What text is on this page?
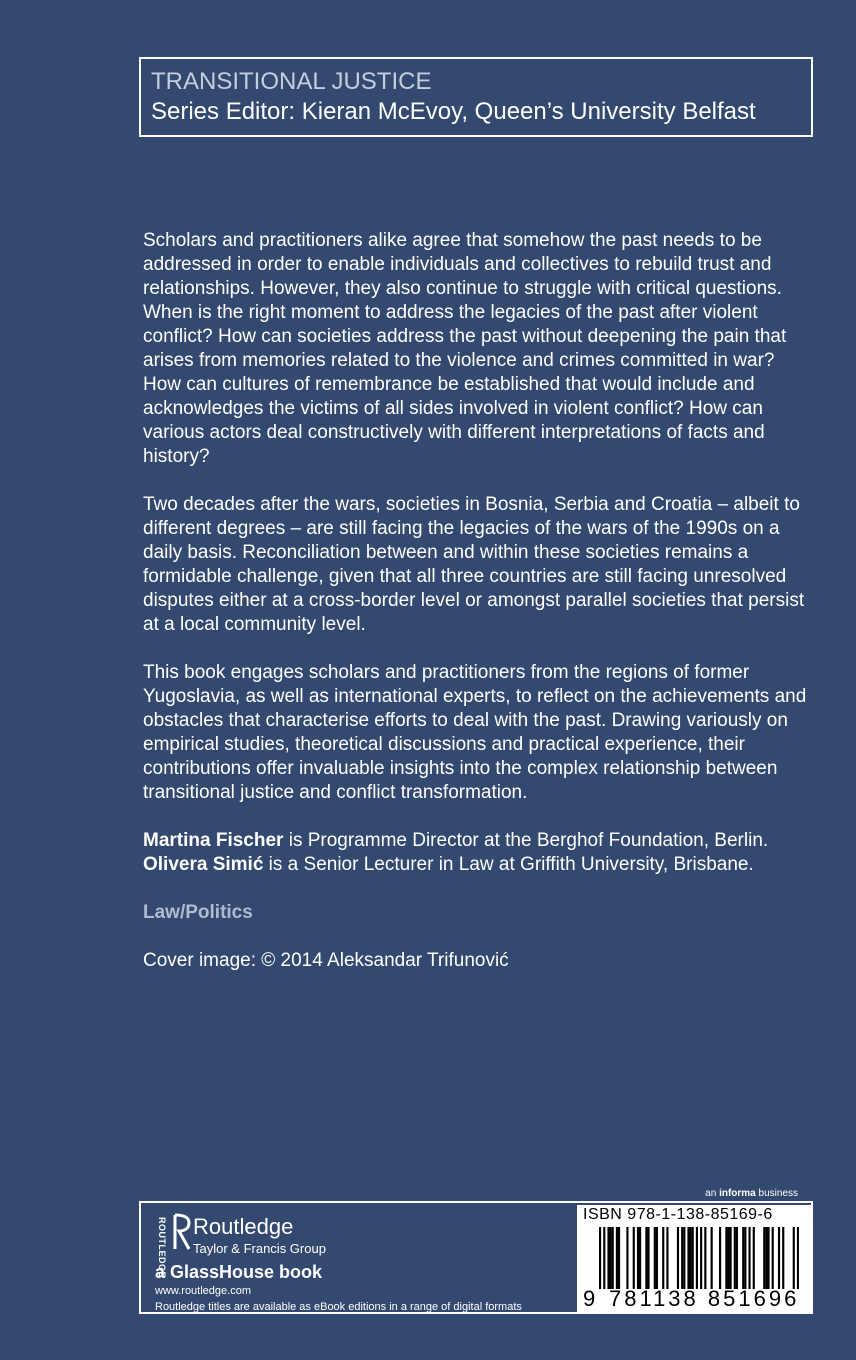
TRANSITIONAL JUSTICE
Series Editor: Kieran McEvoy, Queen’s University Belfast

Scholars and practitioners alike agree that somehow the past needs to be addressed in order to enable individuals and collectives to rebuild trust and relationships. However, they also continue to struggle with critical questions. When is the right moment to address the legacies of the past after violent conflict? How can societies address the past without deepening the pain that arises from memories related to the violence and crimes committed in war? How can cultures of remembrance be established that would include and acknowledges the victims of all sides involved in violent conflict? How can various actors deal constructively with different interpretations of facts and history?

Two decades after the wars, societies in Bosnia, Serbia and Croatia – albeit to different degrees – are still facing the legacies of the wars of the 1990s on a daily basis. Reconciliation between and within these societies remains a formidable challenge, given that all three countries are still facing unresolved disputes either at a cross-border level or amongst parallel societies that persist at a local community level.

This book engages scholars and practitioners from the regions of former Yugoslavia, as well as international experts, to reflect on the achievements and obstacles that characterise efforts to deal with the past. Drawing variously on empirical studies, theoretical discussions and practical experience, their contributions offer invaluable insights into the complex relationship between transitional justice and conflict transformation.

Martina Fischer is Programme Director at the Berghof Foundation, Berlin.

Olivera Simić is a Senior Lecturer in Law at Griffith University, Brisbane.

Law/Politics

Cover image: © 2014 Aleksandar Trifunović

an informa business
ROUTLEDGE Routledge
Taylor & Francis Group
a GlassHouse book
www.routledge.com
Routledge titles are available as eBook editions in a range of digital formats
ISBN 978-1-138-85169-6
9 781138 851696
